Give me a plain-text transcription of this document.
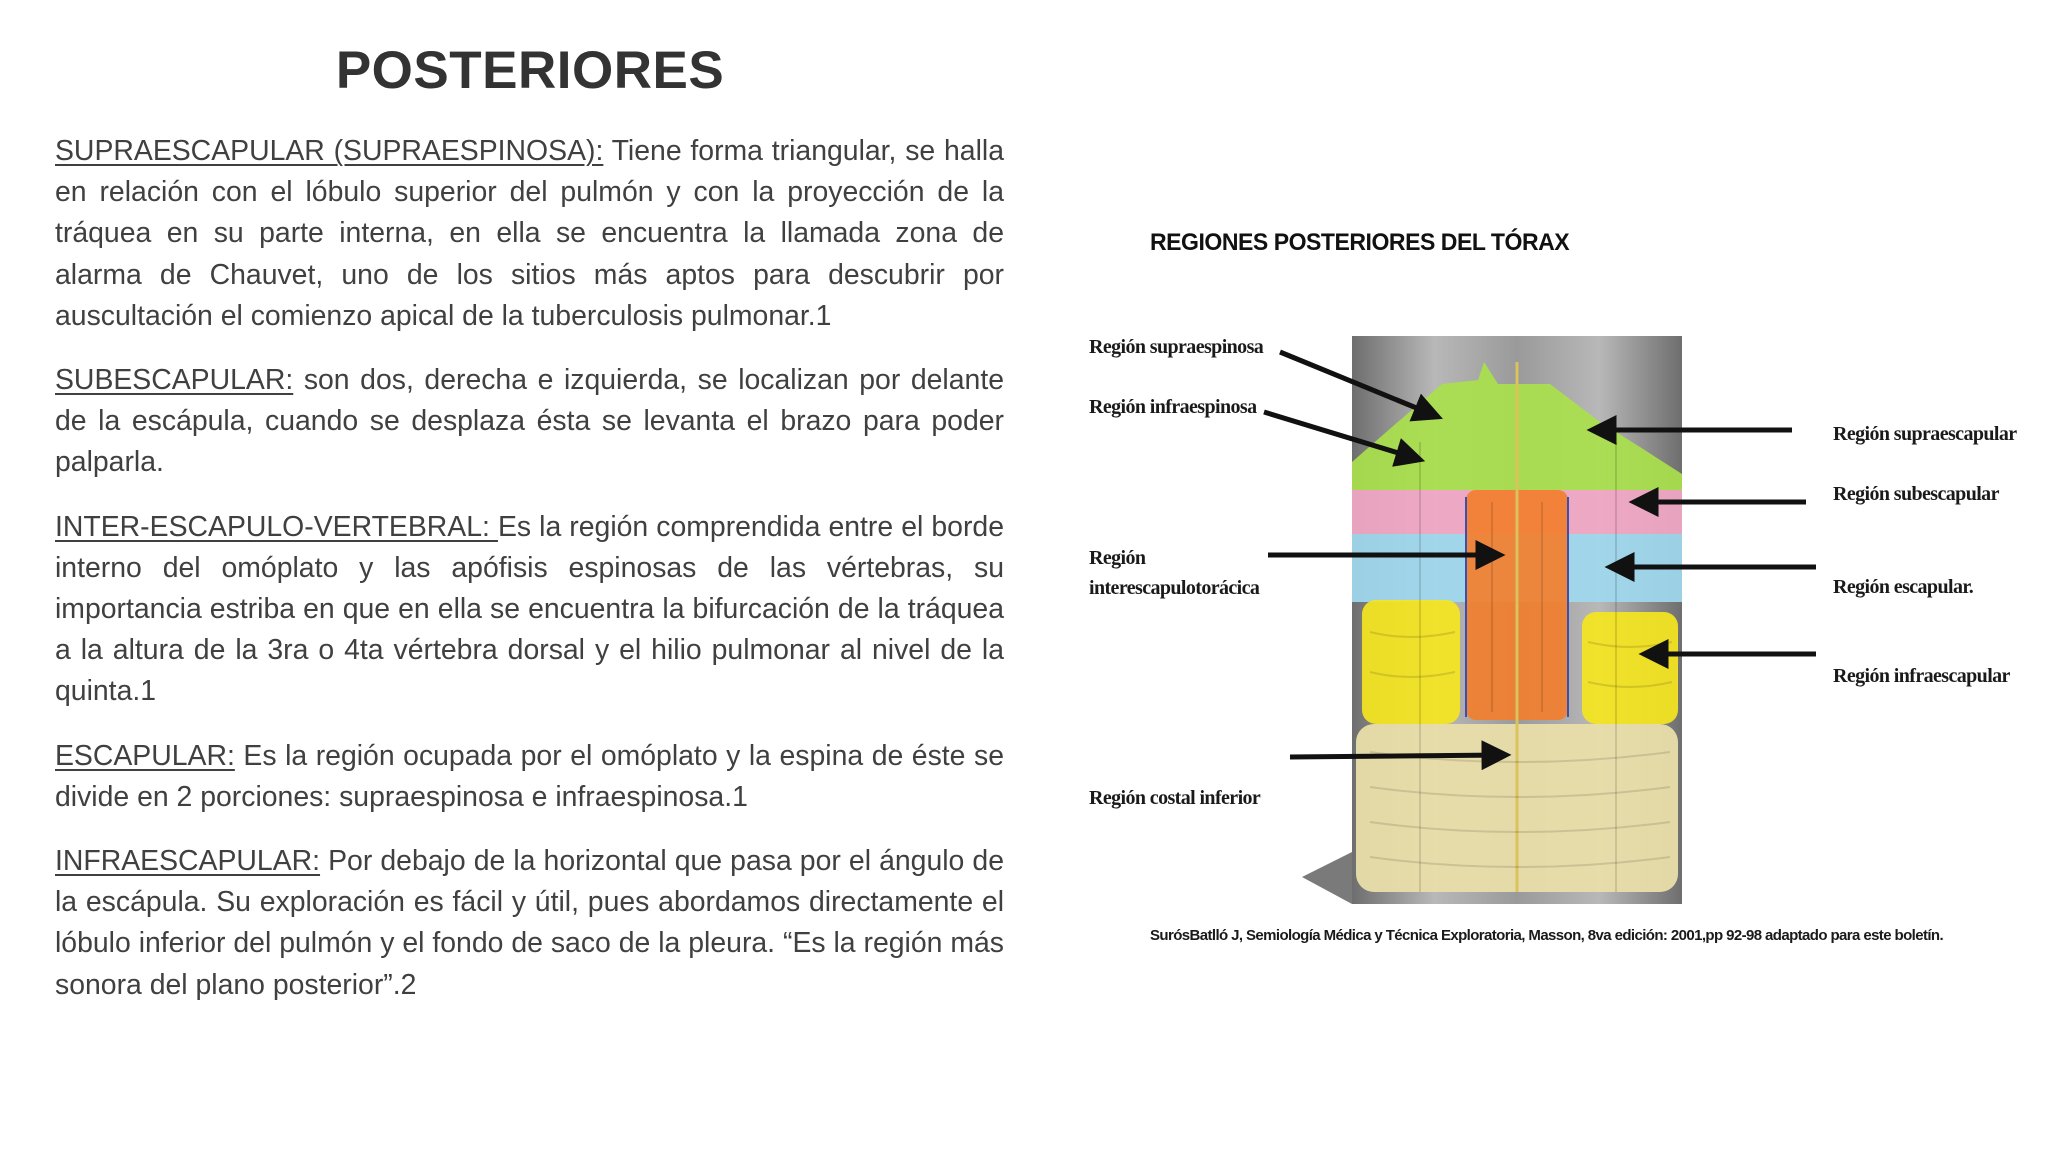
POSTERIORES

SUPRAESCAPULAR (SUPRAESPINOSA): Tiene forma triangular, se halla en relación con el lóbulo superior del pulmón y con la proyección de la tráquea en su parte interna, en ella se encuentra la llamada zona de alarma de Chauvet, uno de los sitios más aptos para descubrir por auscultación el comienzo apical de la tuberculosis pulmonar.1

SUBESCAPULAR: son dos, derecha e izquierda, se localizan por delante de la escápula, cuando se desplaza ésta se levanta el brazo para poder palparla.

INTER-ESCAPULO-VERTEBRAL: Es la región comprendida entre el borde interno del omóplato y las apófisis espinosas de las vértebras, su importancia estriba en que en ella se encuentra la bifurcación de la tráquea a la altura de la 3ra o 4ta vértebra dorsal y el hilio pulmonar al nivel de la quinta.1

ESCAPULAR: Es la región ocupada por el omóplato y la espina de éste se divide en 2 porciones: supraespinosa e infraespinosa.1

INFRAESCAPULAR: Por debajo de la horizontal que pasa por el ángulo de la escápula. Su exploración es fácil y útil, pues abordamos directamente el lóbulo inferior del pulmón y el fondo de saco de la pleura. “Es la región más sonora del plano posterior”.2

REGIONES POSTERIORES DEL TÓRAX
Región supraespinosa
Región infraespinosa
Región
interescapulotorácica
Región costal inferior
Región supraescapular
Región subescapular
Región escapular.
Región infraescapular
SurósBatlló J, Semiología Médica y Técnica Exploratoria, Masson, 8va edición: 2001,pp 92-98 adaptado para este boletín.
